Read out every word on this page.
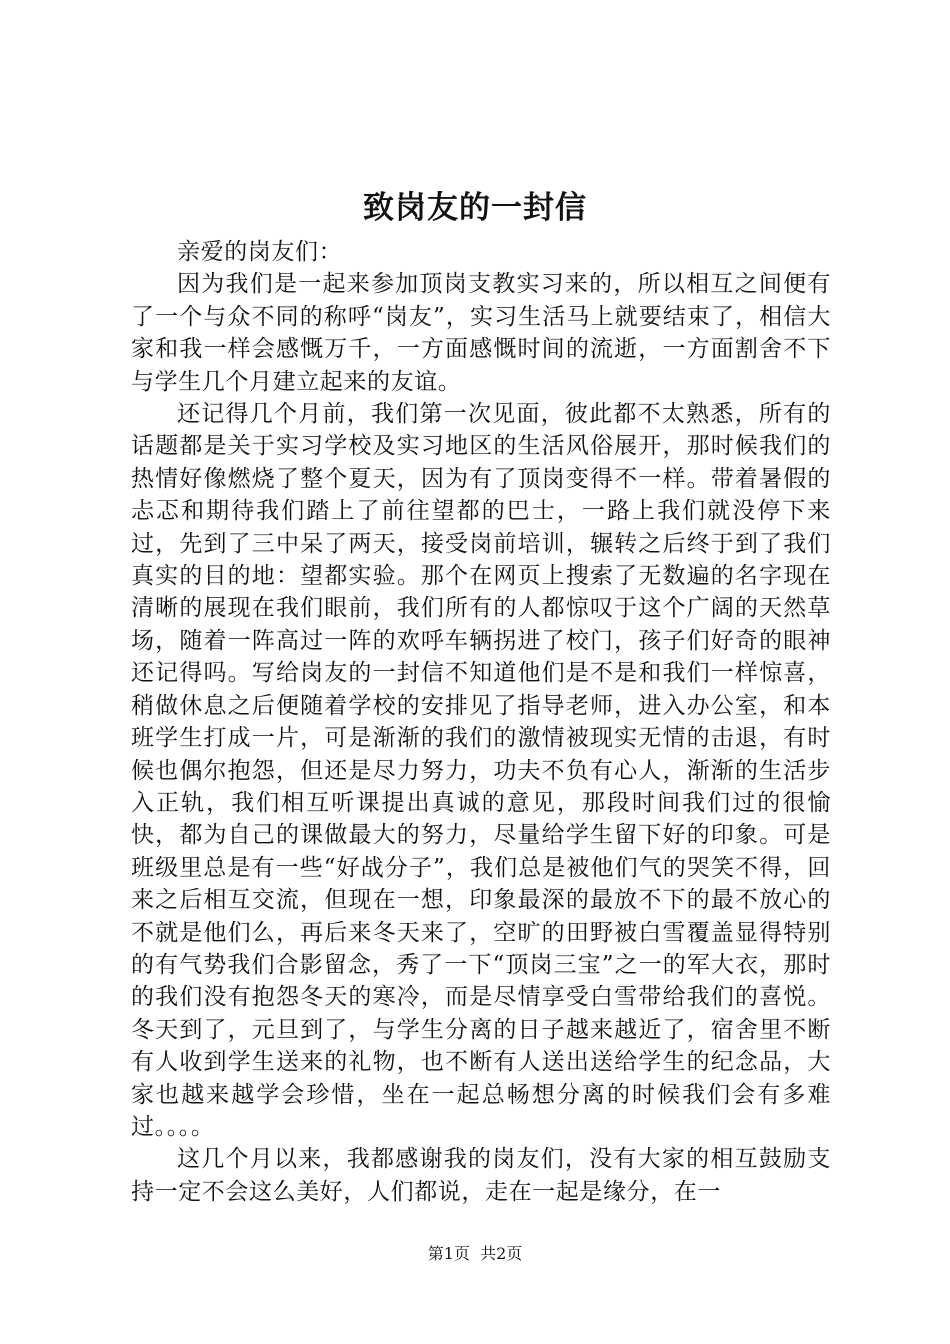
致岗友的一封信

亲爱的岗友们：

因为我们是一起来参加顶岗支教实习来的，所以相互之间便有了一个与众不同的称呼“岗友”，实习生活马上就要结束了，相信大家和我一样会感慨万千，一方面感慨时间的流逝，一方面割舍不下与学生几个月建立起来的友谊。

还记得几个月前，我们第一次见面，彼此都不太熟悉，所有的话题都是关于实习学校及实习地区的生活风俗展开，那时候我们的热情好像燃烧了整个夏天，因为有了顶岗变得不一样。带着暑假的忐忑和期待我们踏上了前往望都的巴士，一路上我们就没停下来过，先到了三中呆了两天，接受岗前培训，辗转之后终于到了我们真实的目的地：望都实验。那个在网页上搜索了无数遍的名字现在清晰的展现在我们眼前，我们所有的人都惊叹于这个广阔的天然草场，随着一阵高过一阵的欢呼车辆拐进了校门，孩子们好奇的眼神还记得吗。写给岗友的一封信不知道他们是不是和我们一样惊喜，稍做休息之后便随着学校的安排见了指导老师，进入办公室，和本班学生打成一片，可是渐渐的我们的激情被现实无情的击退，有时候也偶尔抱怨，但还是尽力努力，功夫不负有心人，渐渐的生活步入正轨，我们相互听课提出真诚的意见，那段时间我们过的很愉快，都为自己的课做最大的努力，尽量给学生留下好的印象。可是班级里总是有一些“好战分子”，我们总是被他们气的哭笑不得，回来之后相互交流，但现在一想，印象最深的最放不下的最不放心的不就是他们么，再后来冬天来了，空旷的田野被白雪覆盖显得特别的有气势我们合影留念，秀了一下“顶岗三宝”之一的军大衣，那时的我们没有抱怨冬天的寒冷，而是尽情享受白雪带给我们的喜悦。冬天到了，元旦到了，与学生分离的日子越来越近了，宿舍里不断有人收到学生送来的礼物，也不断有人送出送给学生的纪念品，大家也越来越学会珍惜，坐在一起总畅想分离的时候我们会有多难过。。。。

这几个月以来，我都感谢我的岗友们，没有大家的相互鼓励支持一定不会这么美好，人们都说，走在一起是缘分，在一

第1页  共2页
